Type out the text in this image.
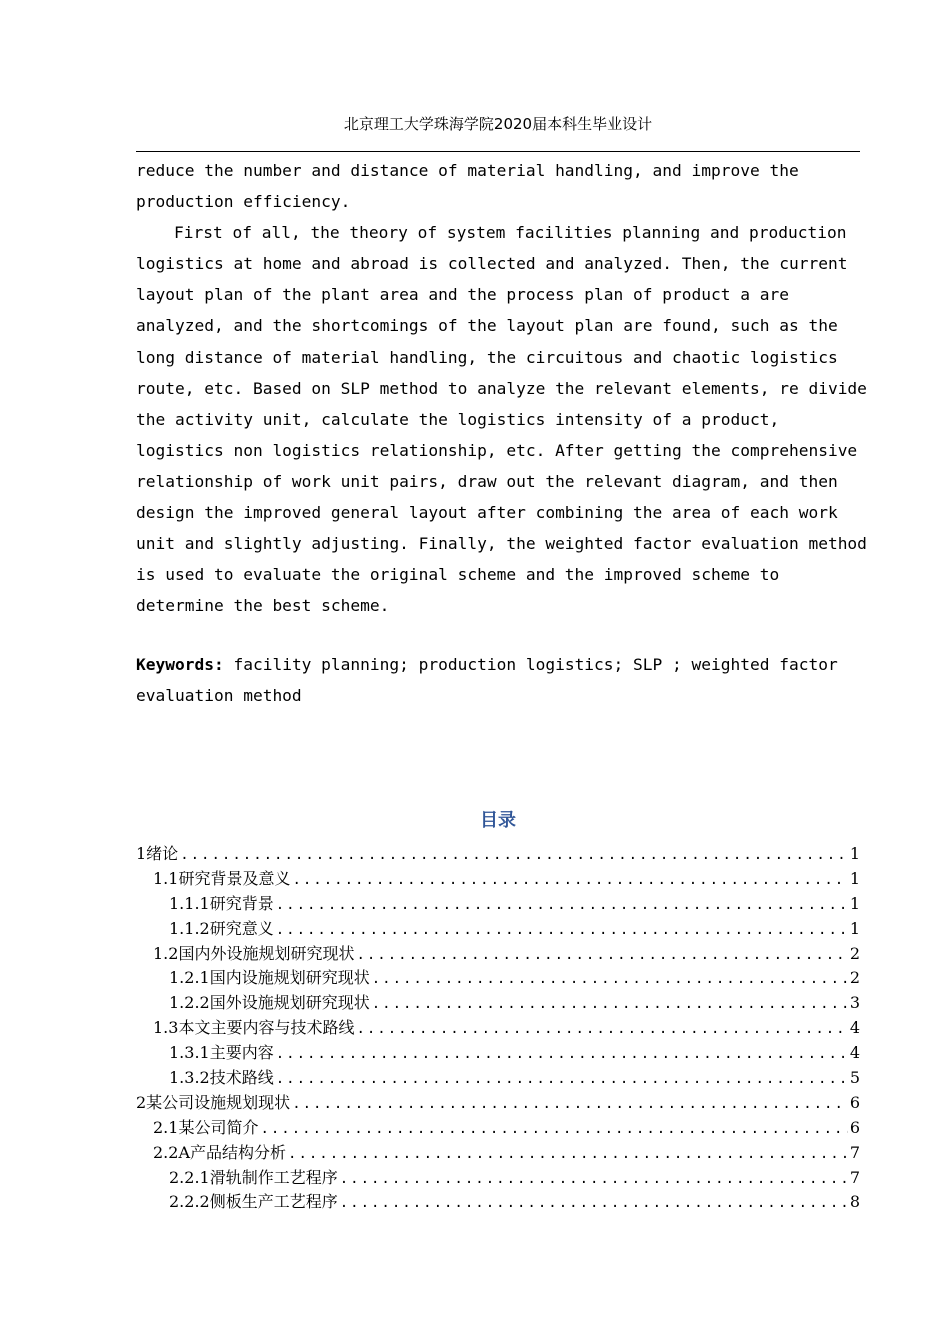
北京理工大学珠海学院2020届本科生毕业设计
reduce the number and distance of material handling, and improve the
production efficiency.
First of all, the theory of system facilities planning and production
logistics at home and abroad is collected and analyzed. Then, the current
layout plan of the plant area and the process plan of product a are
analyzed, and the shortcomings of the layout plan are found, such as the
long distance of material handling, the circuitous and chaotic logistics
route, etc. Based on SLP method to analyze the relevant elements, re divide
the activity unit, calculate the logistics intensity of a product,
logistics non logistics relationship, etc. After getting the comprehensive
relationship of work unit pairs, draw out the relevant diagram, and then
design the improved general layout after combining the area of each work
unit and slightly adjusting. Finally, the weighted factor evaluation method
is used to evaluate the original scheme and the improved scheme to
determine the best scheme.
Keywords: facility planning; production logistics; SLP ; weighted factor
evaluation method
目录
1绪论 .....	1
1.1研究背景及意义 .....	1
1.1.1研究背景 .....	1
1.1.2研究意义 .....	1
1.2国内外设施规划研究现状 .....	2
1.2.1国内设施规划研究现状 .....	2
1.2.2国外设施规划研究现状 .....	3
1.3本文主要内容与技术路线 .....	4
1.3.1主要内容 .....	4
1.3.2技术路线 .....	5
2某公司设施规划现状 .....	6
2.1某公司简介 .....	6
2.2A产品结构分析 .....	7
2.2.1滑轨制作工艺程序 .....	7
2.2.2侧板生产工艺程序 .....	8
